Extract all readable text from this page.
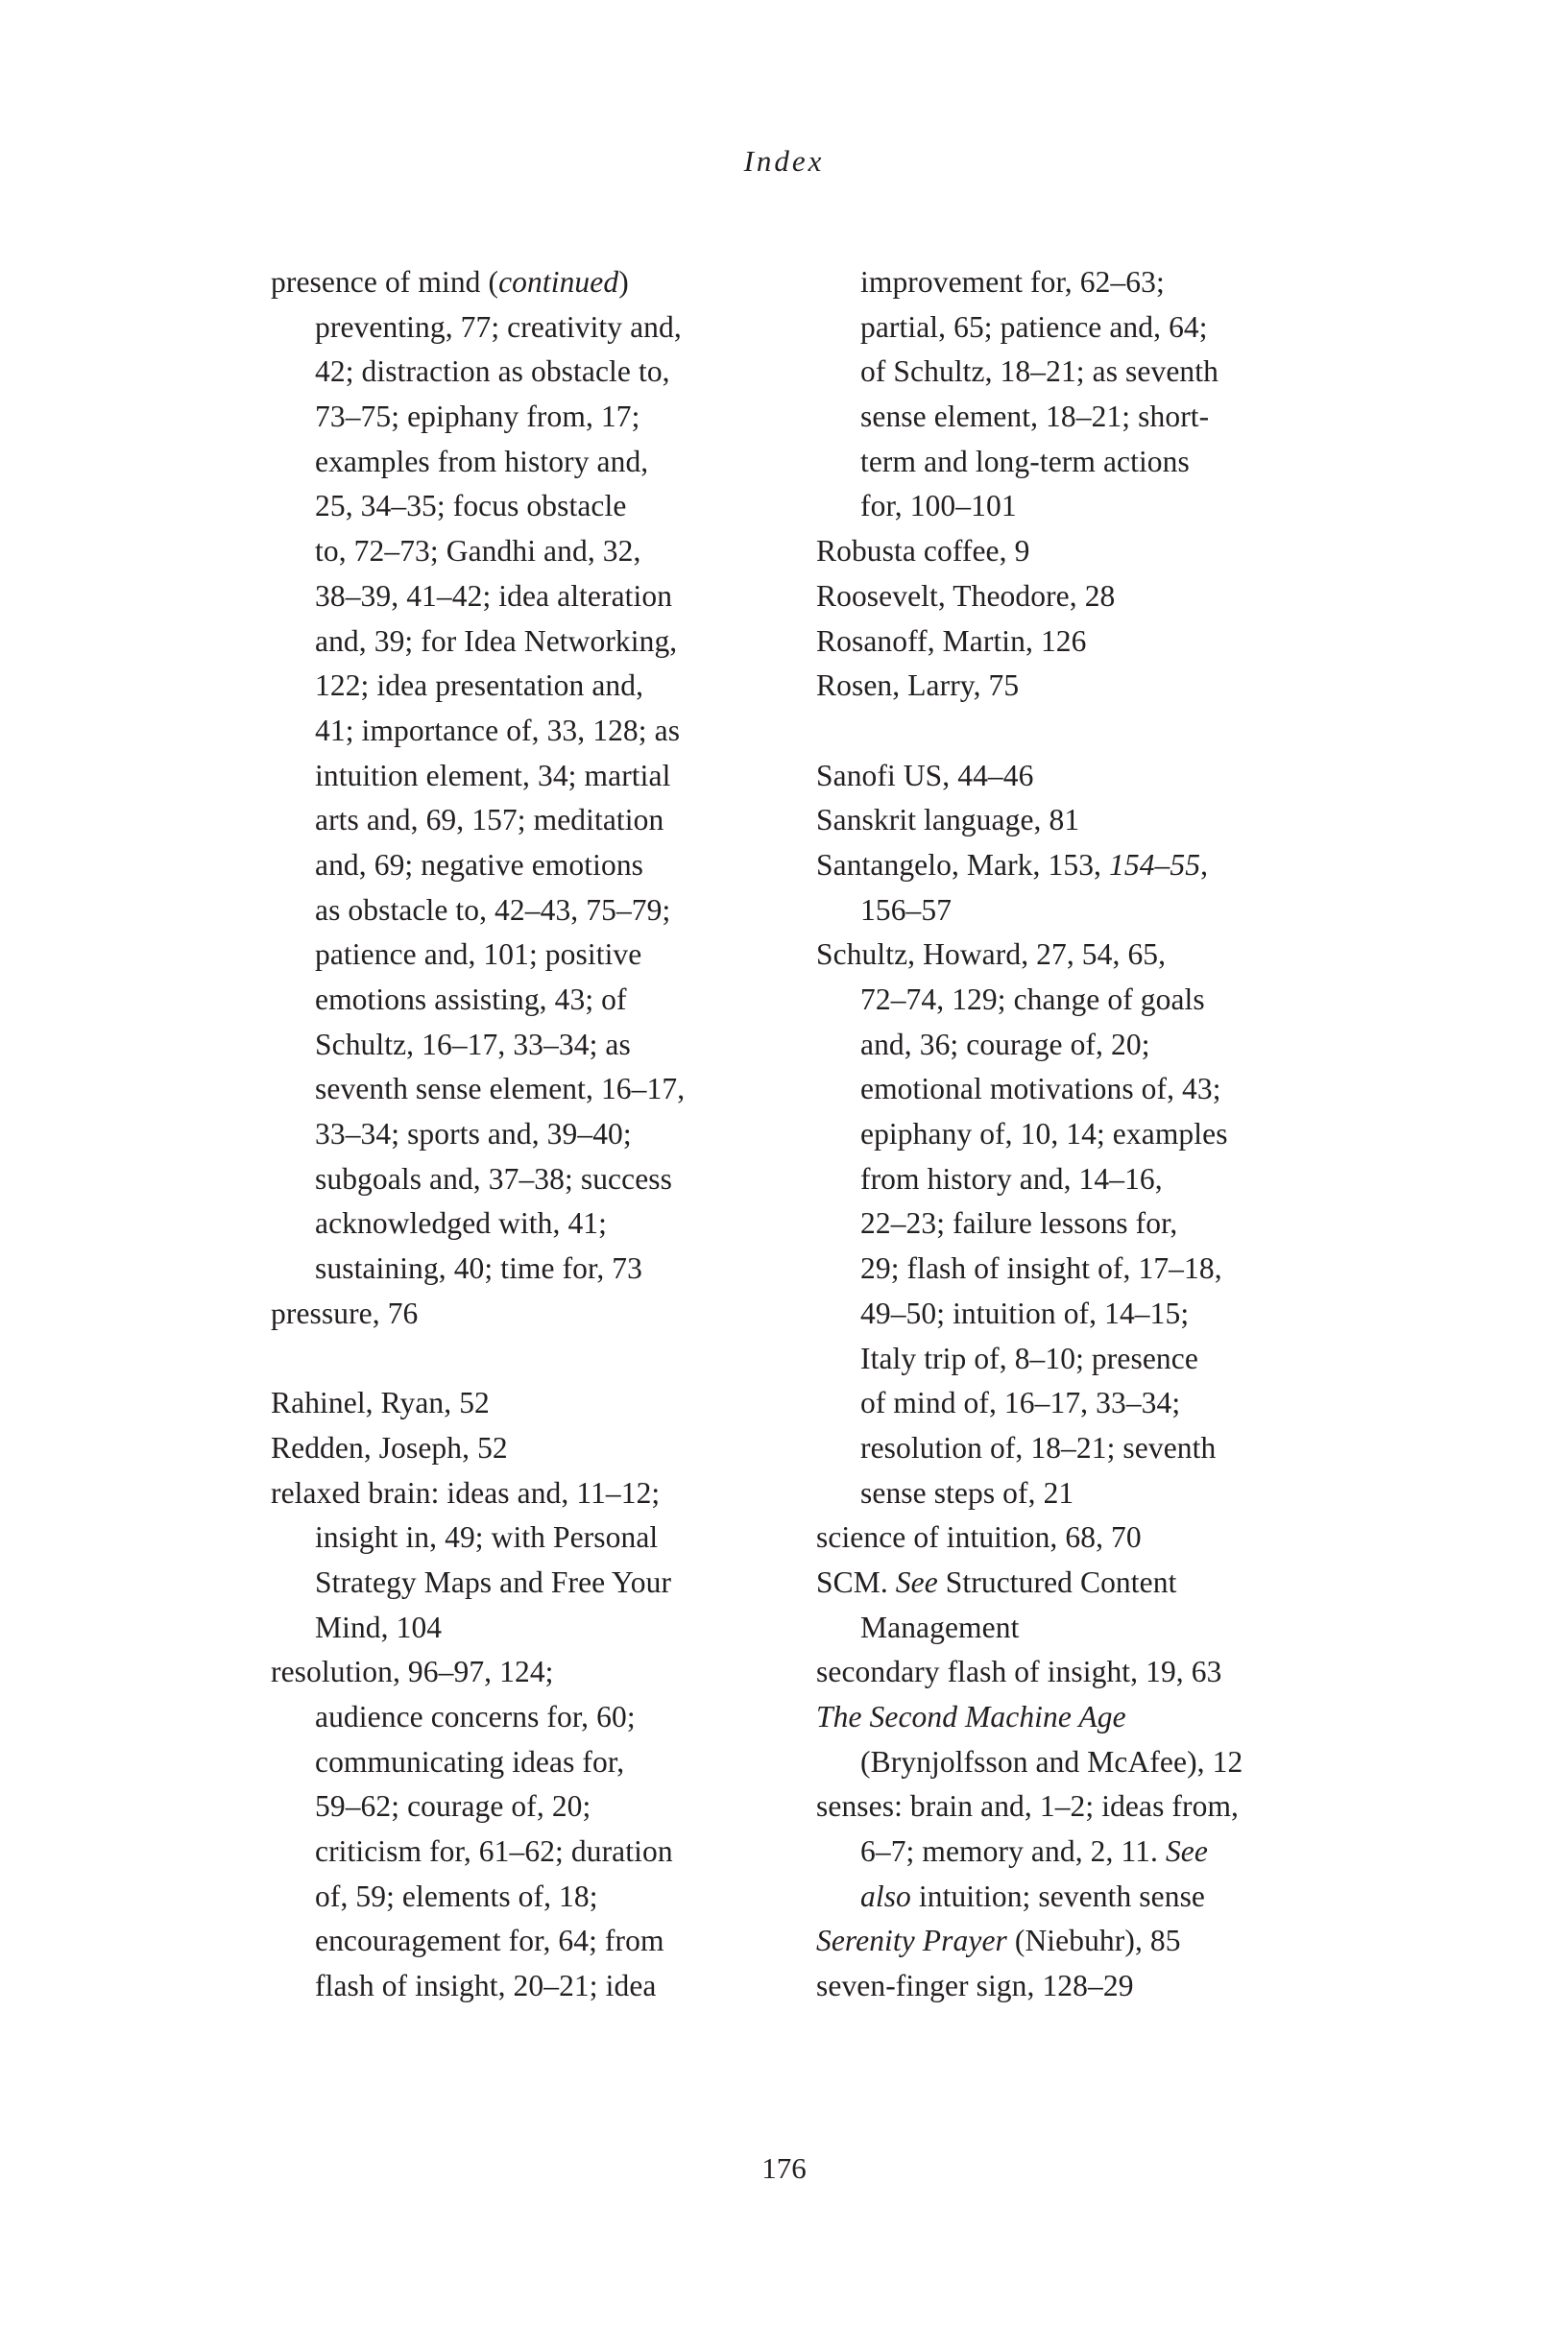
Index
presence of mind (continued)
preventing, 77; creativity and,
42; distraction as obstacle to,
73–75; epiphany from, 17;
examples from history and,
25, 34–35; focus obstacle
to, 72–73; Gandhi and, 32,
38–39, 41–42; idea alteration
and, 39; for Idea Networking,
122; idea presentation and,
41; importance of, 33, 128; as
intuition element, 34; martial
arts and, 69, 157; meditation
and, 69; negative emotions
as obstacle to, 42–43, 75–79;
patience and, 101; positive
emotions assisting, 43; of
Schultz, 16–17, 33–34; as
seventh sense element, 16–17,
33–34; sports and, 39–40;
subgoals and, 37–38; success
acknowledged with, 41;
sustaining, 40; time for, 73
pressure, 76
Rahinel, Ryan, 52
Redden, Joseph, 52
relaxed brain: ideas and, 11–12;
insight in, 49; with Personal
Strategy Maps and Free Your
Mind, 104
resolution, 96–97, 124;
audience concerns for, 60;
communicating ideas for,
59–62; courage of, 20;
criticism for, 61–62; duration
of, 59; elements of, 18;
encouragement for, 64; from
flash of insight, 20–21; idea
improvement for, 62–63;
partial, 65; patience and, 64;
of Schultz, 18–21; as seventh
sense element, 18–21; short-
term and long-term actions
for, 100–101
Robusta coffee, 9
Roosevelt, Theodore, 28
Rosanoff, Martin, 126
Rosen, Larry, 75
Sanofi US, 44–46
Sanskrit language, 81
Santangelo, Mark, 153, 154–55,
156–57
Schultz, Howard, 27, 54, 65,
72–74, 129; change of goals
and, 36; courage of, 20;
emotional motivations of, 43;
epiphany of, 10, 14; examples
from history and, 14–16,
22–23; failure lessons for,
29; flash of insight of, 17–18,
49–50; intuition of, 14–15;
Italy trip of, 8–10; presence
of mind of, 16–17, 33–34;
resolution of, 18–21; seventh
sense steps of, 21
science of intuition, 68, 70
SCM. See Structured Content
Management
secondary flash of insight, 19, 63
The Second Machine Age
(Brynjolfsson and McAfee), 12
senses: brain and, 1–2; ideas from,
6–7; memory and, 2, 11. See
also intuition; seventh sense
Serenity Prayer (Niebuhr), 85
seven-finger sign, 128–29
176
